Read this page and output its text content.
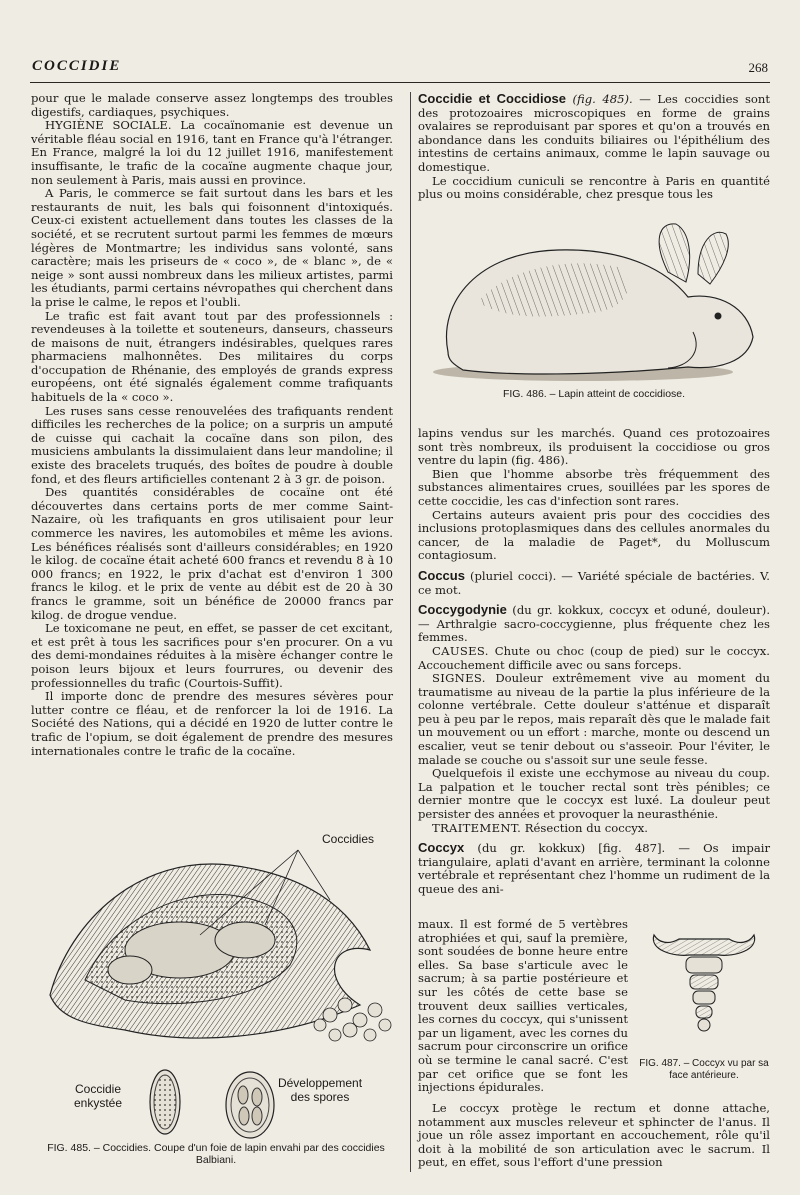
COCCIDIE	268

pour que le malade conserve assez longtemps des troubles digestifs, cardiaques, psychiques.

HYGIÈNE SOCIALE. La cocaïnomanie est devenue un véritable fléau social en 1916, tant en France qu'à l'étranger. En France, malgré la loi du 12 juillet 1916, manifestement insuffisante, le trafic de la cocaïne augmente chaque jour, non seulement à Paris, mais aussi en province.

A Paris, le commerce se fait surtout dans les bars et les restaurants de nuit, les bals qui foisonnent d'intoxiqués. Ceux-ci existent actuellement dans toutes les classes de la société, et se recrutent surtout parmi les femmes de mœurs légères de Montmartre; les individus sans volonté, sans caractère; mais les priseurs de « coco », de « blanc », de « neige » sont aussi nombreux dans les milieux artistes, parmi les étudiants, parmi certains névropathes qui cherchent dans la prise le calme, le repos et l'oubli.

Le trafic est fait avant tout par des professionnels : revendeuses à la toilette et souteneurs, danseurs, chasseurs de maisons de nuit, étrangers indésirables, quelques rares pharmaciens malhonnêtes. Des militaires du corps d'occupation de Rhénanie, des employés de grands express européens, ont été signalés également comme trafiquants habituels de la « coco ».

Les ruses sans cesse renouvelées des trafiquants rendent difficiles les recherches de la police; on a surpris un amputé de cuisse qui cachait la cocaïne dans son pilon, des musiciens ambulants la dissimulaient dans leur mandoline; il existe des bracelets truqués, des boîtes de poudre à double fond, et des fleurs artificielles contenant 2 à 3 gr. de poison.

Des quantités considérables de cocaïne ont été découvertes dans certains ports de mer comme Saint-Nazaire, où les trafiquants en gros utilisaient pour leur commerce les navires, les automobiles et même les avions. Les bénéfices réalisés sont d'ailleurs considérables; en 1920 le kilog. de cocaïne était acheté 600 francs et revendu 8 à 10 000 francs; en 1922, le prix d'achat est d'environ 1 300 francs le kilog. et le prix de vente au débit est de 20 à 30 francs le gramme, soit un bénéfice de 20000 francs par kilog. de drogue vendue.

Le toxicomane ne peut, en effet, se passer de cet excitant, et est prêt à tous les sacrifices pour s'en procurer. On a vu des demi-mondaines réduites à la misère échanger contre le poison leurs bijoux et leurs fourrures, ou devenir des professionnelles du trafic (Courtois-Suffit).

Il importe donc de prendre des mesures sévères pour lutter contre ce fléau, et de renforcer la loi de 1916. La Société des Nations, qui a décidé en 1920 de lutter contre le trafic de l'opium, se doit également de prendre des mesures internationales contre le trafic de la cocaïne.

Coccidies
Coccidie enkystée
Développement des spores
FIG. 485. – Coccidies. Coupe d'un foie de lapin envahi par des coccidies Balbiani.

Coccidie et Coccidiose (fig. 485). — Les coccidies sont des protozoaires microscopiques en forme de grains ovalaires se reproduisant par spores et qu'on a trouvés en abondance dans les conduits biliaires ou l'épithélium des intestins de certains animaux, comme le lapin sauvage ou domestique.

Le coccidium cuniculi se rencontre à Paris en quantité plus ou moins considérable, chez presque tous les

FIG. 486. – Lapin atteint de coccidiose.

lapins vendus sur les marchés. Quand ces protozoaires sont très nombreux, ils produisent la coccidiose ou gros ventre du lapin (fig. 486).

Bien que l'homme absorbe très fréquemment des substances alimentaires crues, souillées par les spores de cette coccidie, les cas d'infection sont rares.

Certains auteurs avaient pris pour des coccidies des inclusions protoplasmiques dans des cellules anormales du cancer, de la maladie de Paget*, du Molluscum contagiosum.

Coccus (pluriel cocci). — Variété spéciale de bactéries. V. ce mot.

Coccygodynie (du gr. kokkux, coccyx et oduné, douleur). — Arthralgie sacro-coccygienne, plus fréquente chez les femmes.

CAUSES. Chute ou choc (coup de pied) sur le coccyx. Accouchement difficile avec ou sans forceps.

SIGNES. Douleur extrêmement vive au moment du traumatisme au niveau de la partie la plus inférieure de la colonne vertébrale. Cette douleur s'atténue et disparaît peu à peu par le repos, mais reparaît dès que le malade fait un mouvement ou un effort : marche, monte ou descend un escalier, veut se tenir debout ou s'asseoir. Pour l'éviter, le malade se couche ou s'assoit sur une seule fesse.

Quelquefois il existe une ecchymose au niveau du coup. La palpation et le toucher rectal sont très pénibles; ce dernier montre que le coccyx est luxé. La douleur peut persister des années et provoquer la neurasthénie.

TRAITEMENT. Résection du coccyx.

Coccyx (du gr. kokkux) [fig. 487]. — Os impair triangulaire, aplati d'avant en arrière, terminant la colonne vertébrale et représentant chez l'homme un rudiment de la queue des ani-

maux. Il est formé de 5 vertèbres atrophiées et qui, sauf la première, sont soudées de bonne heure entre elles. Sa base s'articule avec le sacrum; à sa partie postérieure et sur les côtés de cette base se trouvent deux saillies verticales, les cornes du coccyx, qui s'unissent par un ligament, avec les cornes du sacrum pour circonscrire un orifice où se termine le canal sacré. C'est par cet orifice que se font les injections épidurales.
FIG. 487. – Coccyx vu par sa face antérieure.

Le coccyx protège le rectum et donne attache, notamment aux muscles releveur et sphincter de l'anus. Il joue un rôle assez important en accouchement, rôle qu'il doit à la mobilité de son articulation avec le sacrum. Il peut, en effet, sous l'effort d'une pression
